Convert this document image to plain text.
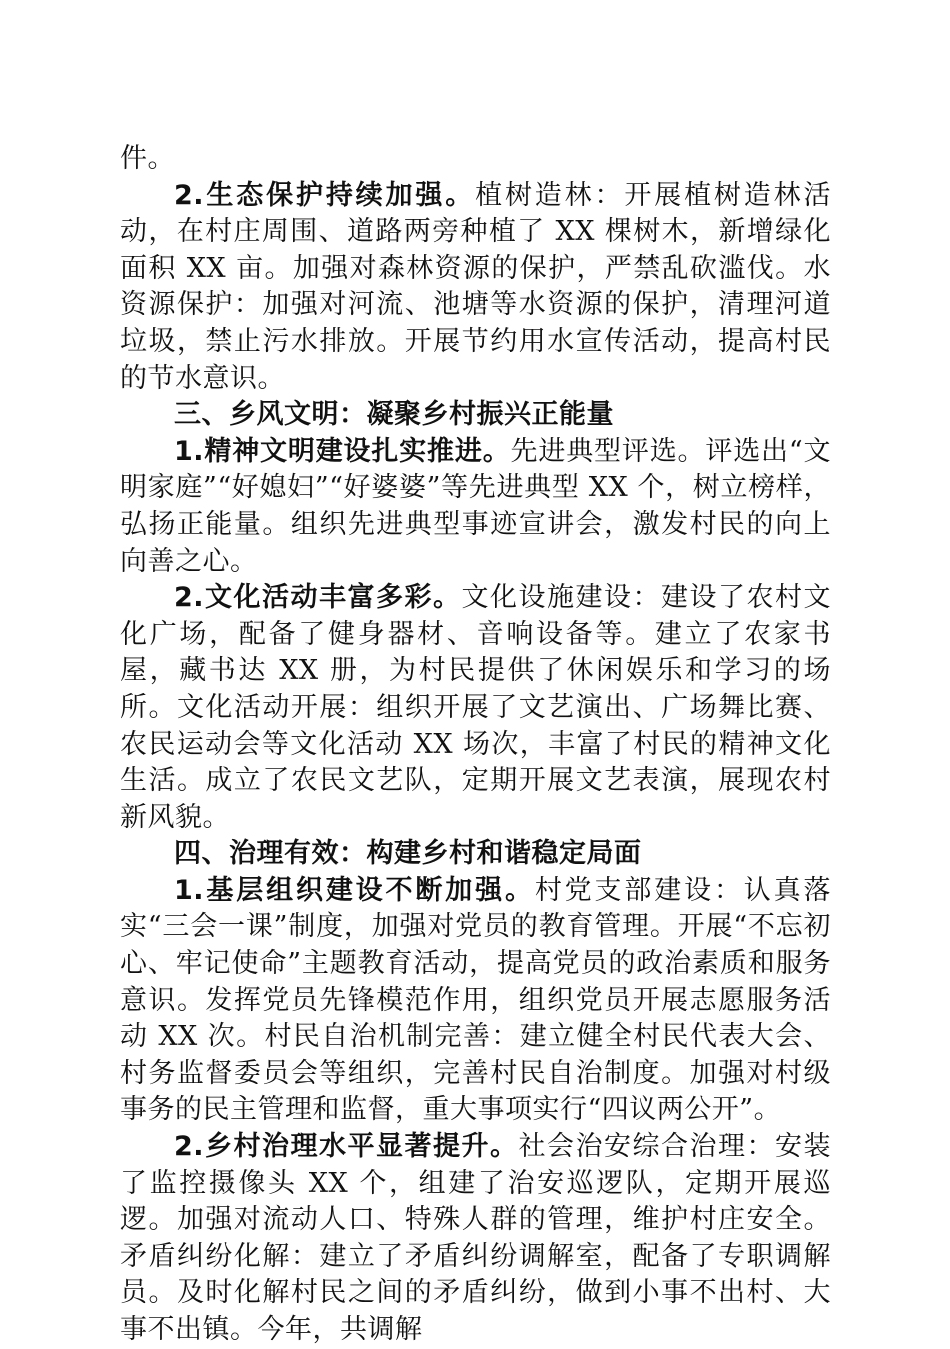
件。

2.生态保护持续加强。植树造林：开展植树造林活动，在村庄周围、道路两旁种植了 XX 棵树木，新增绿化面积 XX 亩。加强对森林资源的保护，严禁乱砍滥伐。水资源保护：加强对河流、池塘等水资源的保护，清理河道垃圾，禁止污水排放。开展节约用水宣传活动，提高村民的节水意识。

三、乡风文明：凝聚乡村振兴正能量

1.精神文明建设扎实推进。先进典型评选。评选出“文明家庭”“好媳妇”“好婆婆”等先进典型 XX 个，树立榜样，弘扬正能量。组织先进典型事迹宣讲会，激发村民的向上向善之心。

2.文化活动丰富多彩。文化设施建设：建设了农村文化广场，配备了健身器材、音响设备等。建立了农家书屋，藏书达 XX 册，为村民提供了休闲娱乐和学习的场所。文化活动开展：组织开展了文艺演出、广场舞比赛、农民运动会等文化活动 XX 场次，丰富了村民的精神文化生活。成立了农民文艺队，定期开展文艺表演，展现农村新风貌。

四、治理有效：构建乡村和谐稳定局面

1.基层组织建设不断加强。村党支部建设：认真落实“三会一课”制度，加强对党员的教育管理。开展“不忘初心、牢记使命”主题教育活动，提高党员的政治素质和服务意识。发挥党员先锋模范作用，组织党员开展志愿服务活动 XX 次。村民自治机制完善：建立健全村民代表大会、村务监督委员会等组织，完善村民自治制度。加强对村级事务的民主管理和监督，重大事项实行“四议两公开”。

2.乡村治理水平显著提升。社会治安综合治理：安装了监控摄像头 XX 个，组建了治安巡逻队，定期开展巡逻。加强对流动人口、特殊人群的管理，维护村庄安全。矛盾纠纷化解：建立了矛盾纠纷调解室，配备了专职调解员。及时化解村民之间的矛盾纠纷，做到小事不出村、大事不出镇。今年，共调解
